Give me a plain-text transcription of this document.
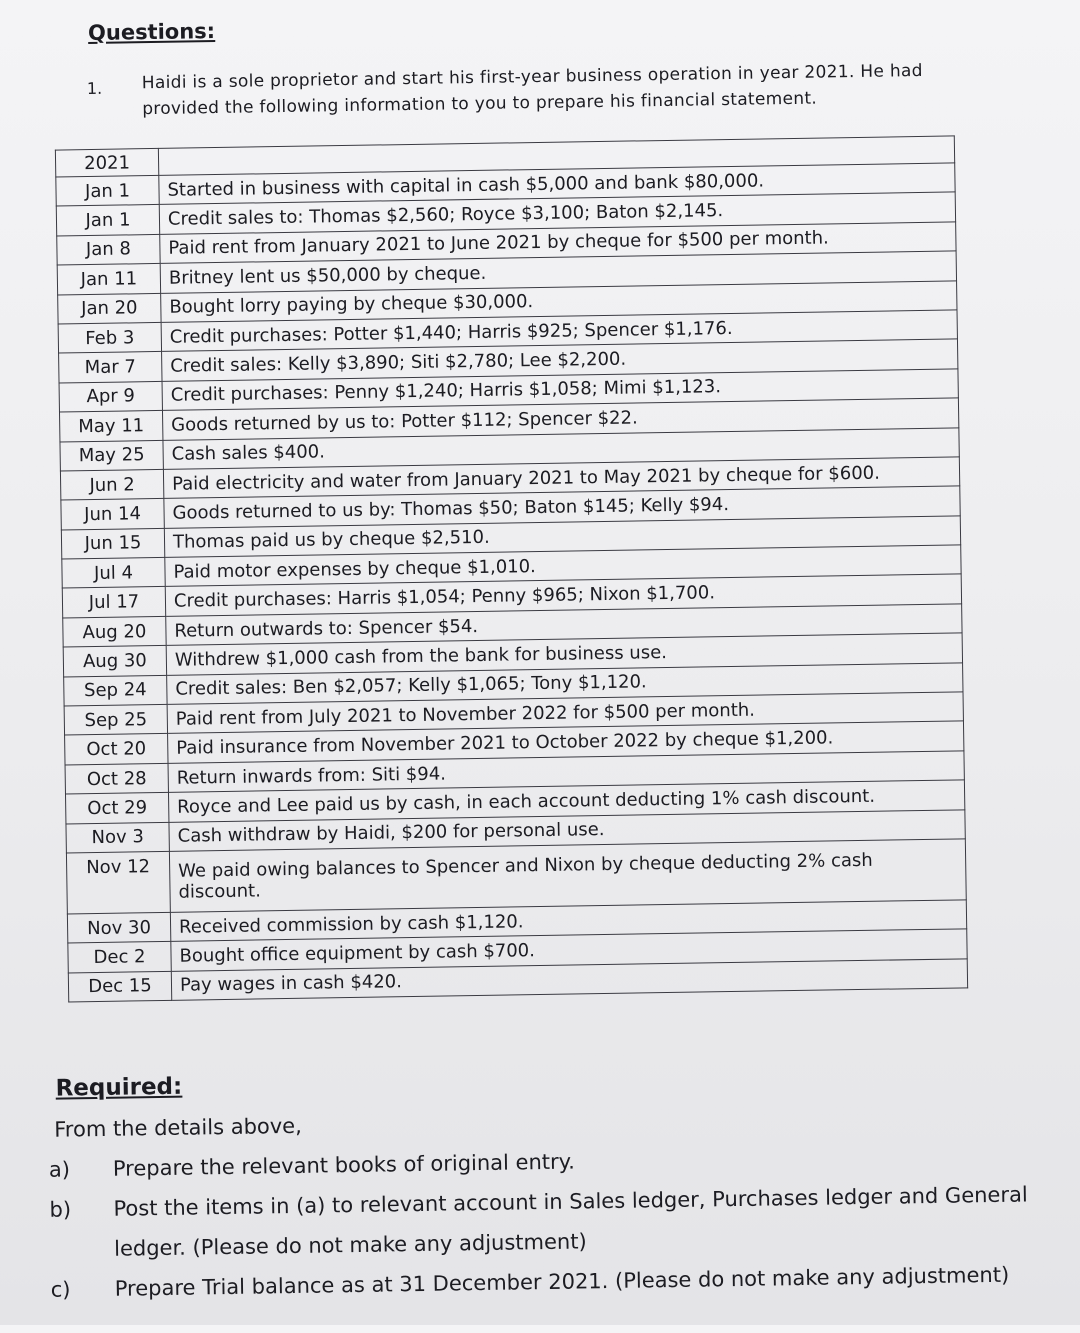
Questions:
1. Haidi is a sole proprietor and start his first-year business operation in year 2021. He had provided the following information to you to prepare his financial statement.
2021	
Jan 1	Started in business with capital in cash $5,000 and bank $80,000.
Jan 1	Credit sales to: Thomas $2,560; Royce $3,100; Baton $2,145.
Jan 8	Paid rent from January 2021 to June 2021 by cheque for $500 per month.
Jan 11	Britney lent us $50,000 by cheque.
Jan 20	Bought lorry paying by cheque $30,000.
Feb 3	Credit purchases: Potter $1,440; Harris $925; Spencer $1,176.
Mar 7	Credit sales: Kelly $3,890; Siti $2,780; Lee $2,200.
Apr 9	Credit purchases: Penny $1,240; Harris $1,058; Mimi $1,123.
May 11	Goods returned by us to: Potter $112; Spencer $22.
May 25	Cash sales $400.
Jun 2	Paid electricity and water from January 2021 to May 2021 by cheque for $600.
Jun 14	Goods returned to us by: Thomas $50; Baton $145; Kelly $94.
Jun 15	Thomas paid us by cheque $2,510.
Jul 4	Paid motor expenses by cheque $1,010.
Jul 17	Credit purchases: Harris $1,054; Penny $965; Nixon $1,700.
Aug 20	Return outwards to: Spencer $54.
Aug 30	Withdrew $1,000 cash from the bank for business use.
Sep 24	Credit sales: Ben $2,057; Kelly $1,065; Tony $1,120.
Sep 25	Paid rent from July 2021 to November 2022 for $500 per month.
Oct 20	Paid insurance from November 2021 to October 2022 by cheque $1,200.
Oct 28	Return inwards from: Siti $94.
Oct 29	Royce and Lee paid us by cash, in each account deducting 1% cash discount.
Nov 3	Cash withdraw by Haidi, $200 for personal use.
Nov 12	We paid owing balances to Spencer and Nixon by cheque deducting 2% cash discount.
Nov 30	Received commission by cash $1,120.
Dec 2	Bought office equipment by cash $700.
Dec 15	Pay wages in cash $420.
Required:
From the details above,
a) Prepare the relevant books of original entry.
b) Post the items in (a) to relevant account in Sales ledger, Purchases ledger and General ledger. (Please do not make any adjustment)
c) Prepare Trial balance as at 31 December 2021. (Please do not make any adjustment)
